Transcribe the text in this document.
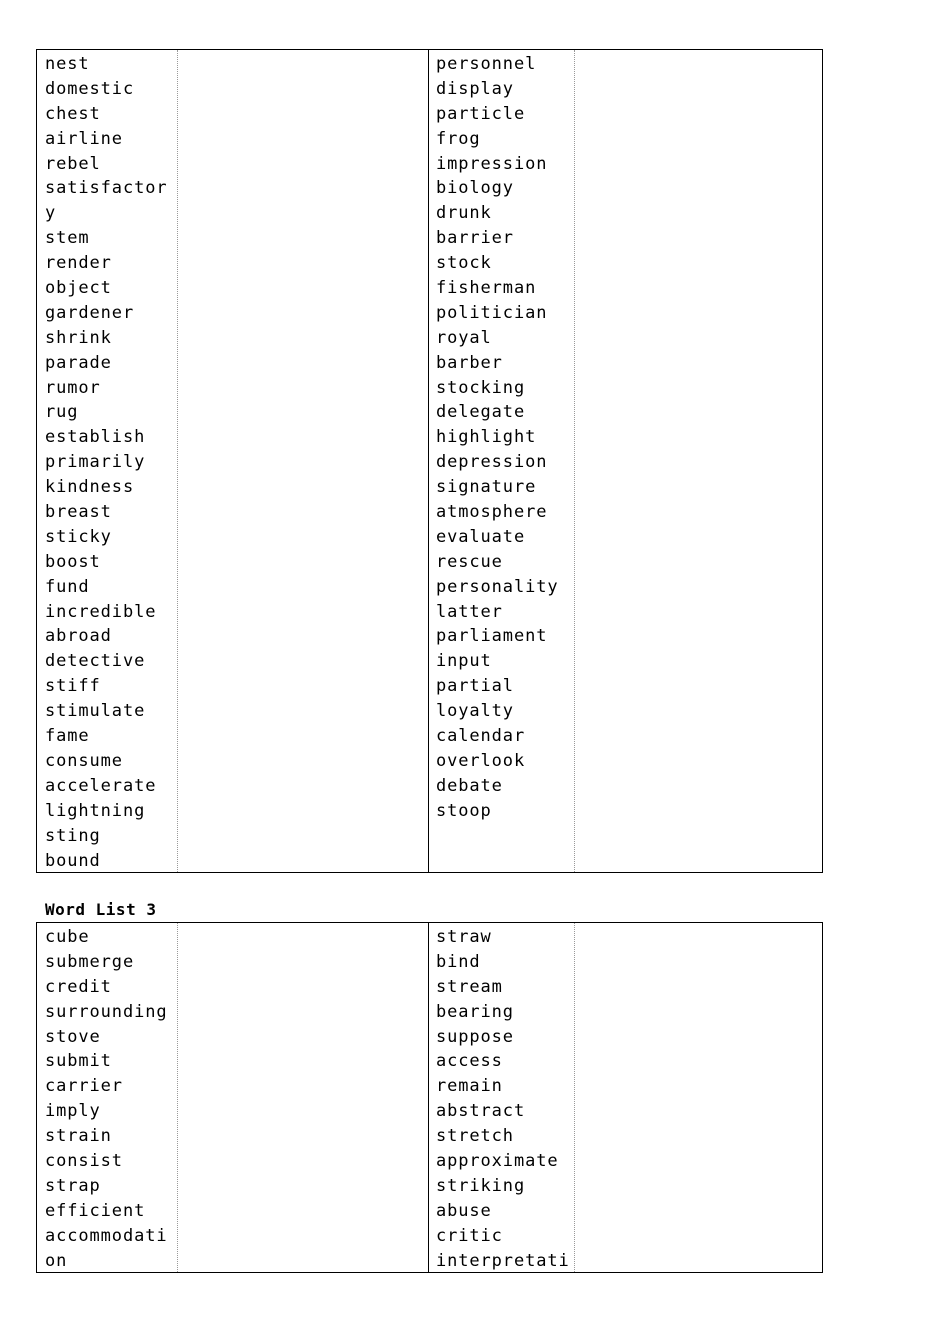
nest
domestic
chest
airline
rebel
satisfactor
y
stem
render
object
gardener
shrink
parade
rumor
rug
establish
primarily
kindness
breast
sticky
boost
fund
incredible
abroad
detective
stiff
stimulate
fame
consume
accelerate
lightning
sting
bound
personnel
display
particle
frog
impression
biology
drunk
barrier
stock
fisherman
politician
royal
barber
stocking
delegate
highlight
depression
signature
atmosphere
evaluate
rescue
personality
latter
parliament
input
partial
loyalty
calendar
overlook
debate
stoop
Word List 3
cube
submerge
credit
surrounding
stove
submit
carrier
imply
strain
consist
strap
efficient
accommodati
on
straw
bind
stream
bearing
suppose
access
remain
abstract
stretch
approximate
striking
abuse
critic
interpretati
